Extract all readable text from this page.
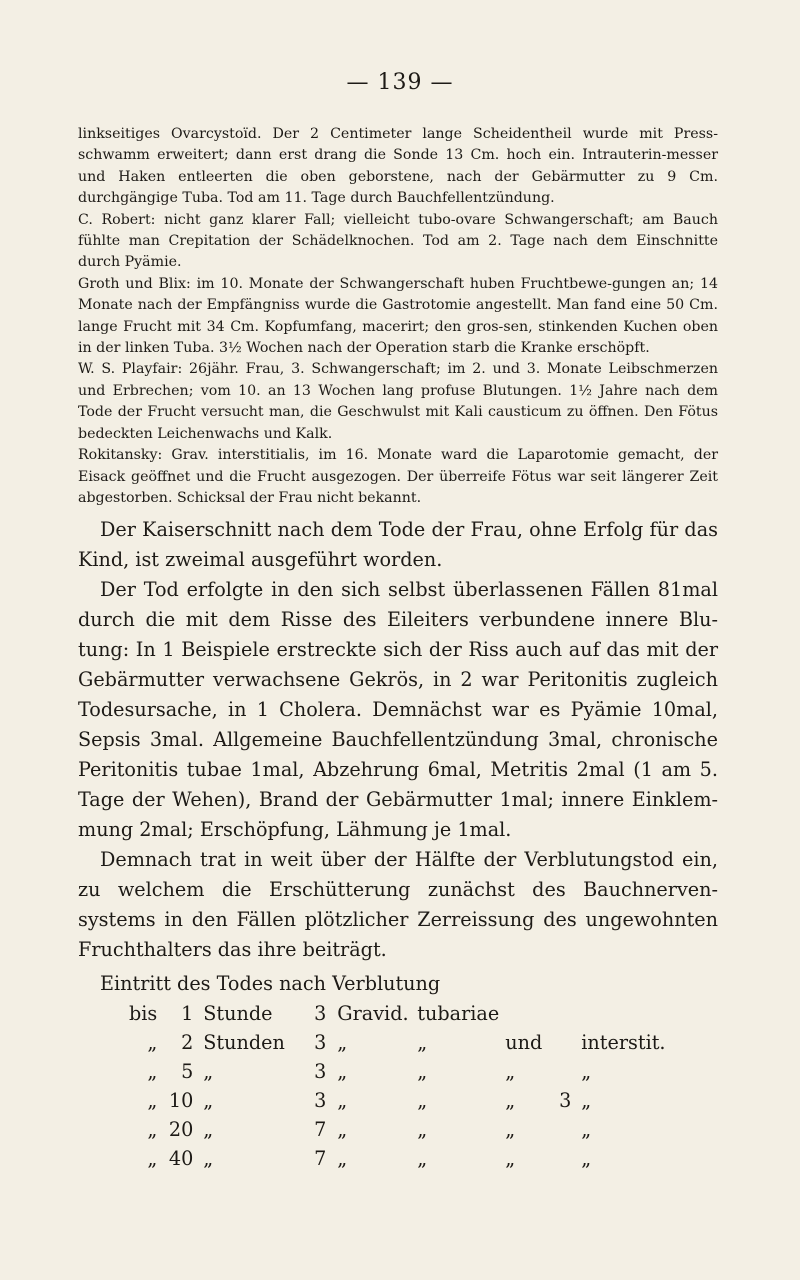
— 139 —

linkseitiges Ovarcystoïd. Der 2 Centimeter lange Scheidentheil wurde mit Press-schwamm erweitert; dann erst drang die Sonde 13 Cm. hoch ein. Intrauterin-messer und Haken entleerten die oben geborstene, nach der Gebärmutter zu 9 Cm. durchgängige Tuba. Tod am 11. Tage durch Bauchfellentzündung.

C. Robert: nicht ganz klarer Fall; vielleicht tubo-ovare Schwangerschaft; am Bauch fühlte man Crepitation der Schädelknochen. Tod am 2. Tage nach dem Einschnitte durch Pyämie.

Groth und Blix: im 10. Monate der Schwangerschaft huben Fruchtbewe-gungen an; 14 Monate nach der Empfängniss wurde die Gastrotomie angestellt. Man fand eine 50 Cm. lange Frucht mit 34 Cm. Kopfumfang, macerirt; den gros-sen, stinkenden Kuchen oben in der linken Tuba. 3½ Wochen nach der Operation starb die Kranke erschöpft.

W. S. Playfair: 26jähr. Frau, 3. Schwangerschaft; im 2. und 3. Monate Leibschmerzen und Erbrechen; vom 10. an 13 Wochen lang profuse Blutungen. 1½ Jahre nach dem Tode der Frucht versucht man, die Geschwulst mit Kali causticum zu öffnen. Den Fötus bedeckten Leichenwachs und Kalk.

Rokitansky: Grav. interstitialis, im 16. Monate ward die Laparotomie gemacht, der Eisack geöffnet und die Frucht ausgezogen. Der überreife Fötus war seit längerer Zeit abgestorben. Schicksal der Frau nicht bekannt.

Der Kaiserschnitt nach dem Tode der Frau, ohne Erfolg für das Kind, ist zweimal ausgeführt worden.

Der Tod erfolgte in den sich selbst überlassenen Fällen 81mal durch die mit dem Risse des Eileiters verbundene innere Blu-tung: In 1 Beispiele erstreckte sich der Riss auch auf das mit der Gebärmutter verwachsene Gekrös, in 2 war Peritonitis zugleich Todesursache, in 1 Cholera. Demnächst war es Pyämie 10mal, Sepsis 3mal. Allgemeine Bauchfellentzündung 3mal, chronische Peritonitis tubae 1mal, Abzehrung 6mal, Metritis 2mal (1 am 5. Tage der Wehen), Brand der Gebärmutter 1mal; innere Einklem-mung 2mal; Erschöpfung, Lähmung je 1mal.

Demnach trat in weit über der Hälfte der Verblutungstod ein, zu welchem die Erschütterung zunächst des Bauchnerven-systems in den Fällen plötzlicher Zerreissung des ungewohnten Fruchthalters das ihre beiträgt.

Eintritt des Todes nach Verblutung
bis	1	Stunde	3	Gravid.	tubariae			
„	2	Stunden	3	„	„	und		interstit.
„	5	„	3	„	„	„		„
„	10	„	3	„	„	„	3	„
„	20	„	7	„	„	„		„
„	40	„	7	„	„	„		„
